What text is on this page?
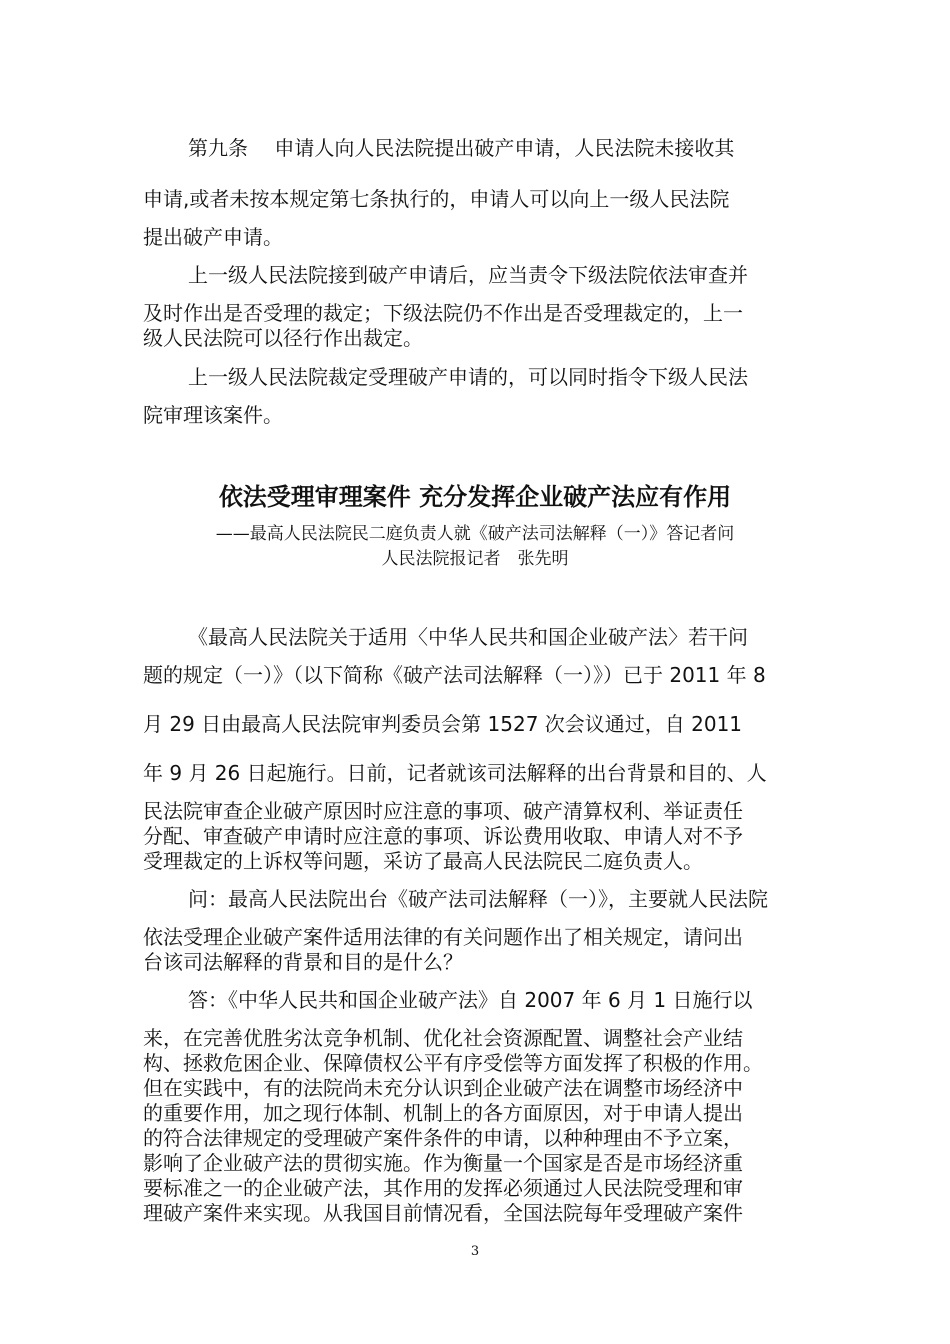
第九条　 申请人向人民法院提出破产申请，人民法院未接收其
申请,或者未按本规定第七条执行的，申请人可以向上一级人民法院
提出破产申请。
上一级人民法院接到破产申请后，应当责令下级法院依法审查并
及时作出是否受理的裁定；下级法院仍不作出是否受理裁定的，上一
级人民法院可以径行作出裁定。
上一级人民法院裁定受理破产申请的，可以同时指令下级人民法
院审理该案件。
依法受理审理案件 充分发挥企业破产法应有作用
——最高人民法院民二庭负责人就《破产法司法解释（一）》答记者问
人民法院报记者　张先明
《最高人民法院关于适用〈中华人民共和国企业破产法〉若干问
题的规定（一）》（以下简称《破产法司法解释（一）》）已于 2011 年 8
月 29 日由最高人民法院审判委员会第 1527 次会议通过，自 2011
年 9 月 26 日起施行。日前，记者就该司法解释的出台背景和目的、人
民法院审查企业破产原因时应注意的事项、破产清算权利、举证责任
分配、审查破产申请时应注意的事项、诉讼费用收取、申请人对不予
受理裁定的上诉权等问题，采访了最高人民法院民二庭负责人。
问：最高人民法院出台《破产法司法解释（一）》，主要就人民法院
依法受理企业破产案件适用法律的有关问题作出了相关规定，请问出
台该司法解释的背景和目的是什么？
答：《中华人民共和国企业破产法》自 2007 年 6 月 1 日施行以
来，在完善优胜劣汰竞争机制、优化社会资源配置、调整社会产业结
构、拯救危困企业、保障债权公平有序受偿等方面发挥了积极的作用。
但在实践中，有的法院尚未充分认识到企业破产法在调整市场经济中
的重要作用，加之现行体制、机制上的各方面原因，对于申请人提出
的符合法律规定的受理破产案件条件的申请，以种种理由不予立案，
影响了企业破产法的贯彻实施。作为衡量一个国家是否是市场经济重
要标准之一的企业破产法，其作用的发挥必须通过人民法院受理和审
理破产案件来实现。从我国目前情况看，全国法院每年受理破产案件
3
